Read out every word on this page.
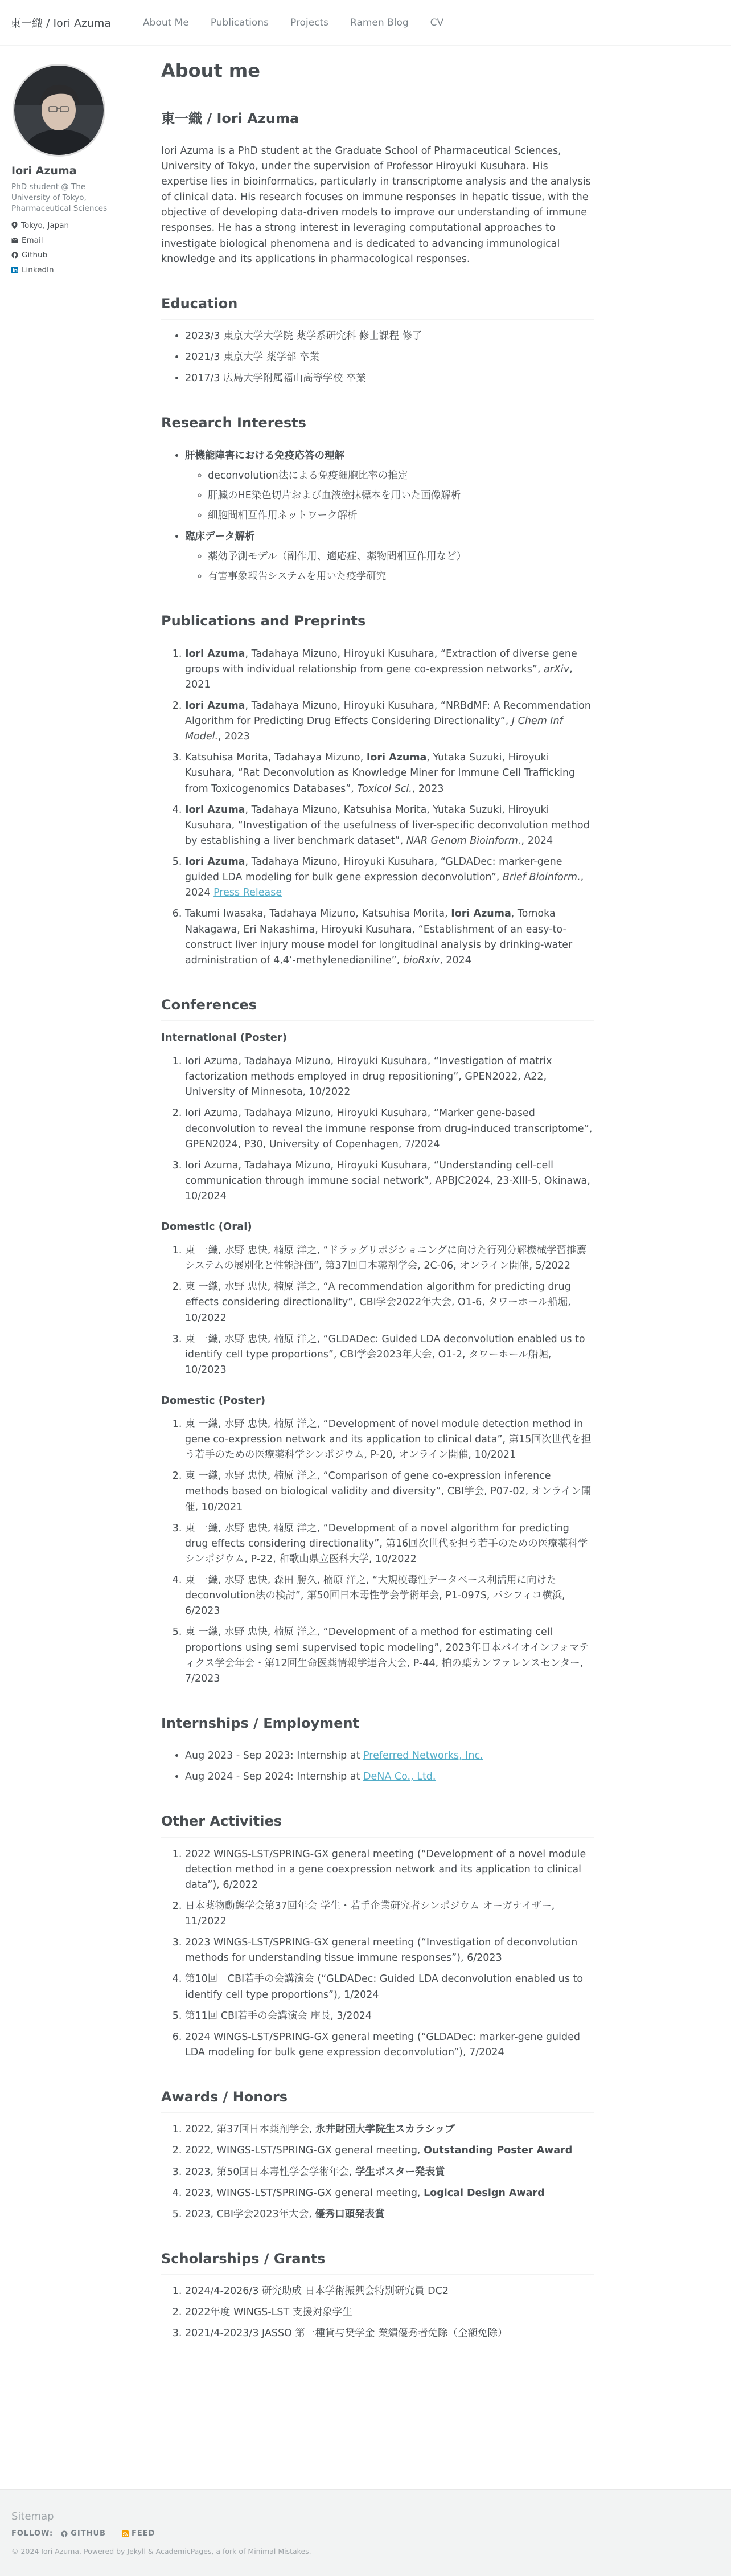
東一織 / Iori Azuma	About Me Publications Projects Ramen Blog CV
Iori Azuma
PhD student @ The University of Tokyo, Pharmaceutical Sciences
Tokyo, Japan
Email
Github
LinkedIn
About me
東一織 / Iori Azuma

Iori Azuma is a PhD student at the Graduate School of Pharmaceutical Sciences, University of Tokyo, under the supervision of Professor Hiroyuki Kusuhara. His expertise lies in bioinformatics, particularly in transcriptome analysis and the analysis of clinical data. His research focuses on immune responses in hepatic tissue, with the objective of developing data-driven models to improve our understanding of immune responses. He has a strong interest in leveraging computational approaches to investigate biological phenomena and is dedicated to advancing immunological knowledge and its applications in pharmacological responses.

Education
• 2023/3 東京大学大学院 薬学系研究科 修士課程 修了
• 2021/3 東京大学 薬学部 卒業
• 2017/3 広島大学附属福山高等学校 卒業
Research Interests
• 肝機能障害における免疫応答の理解
◦ deconvolution法による免疫細胞比率の推定
◦ 肝臓のHE染色切片および血液塗抹標本を用いた画像解析
◦ 細胞間相互作用ネットワーク解析
• 臨床データ解析
◦ 薬効予測モデル（副作用、適応症、薬物間相互作用など）
◦ 有害事象報告システムを用いた疫学研究
Publications and Preprints
1. Iori Azuma, Tadahaya Mizuno, Hiroyuki Kusuhara, “Extraction of diverse gene groups with individual relationship from gene co-expression networks”, arXiv, 2021
2. Iori Azuma, Tadahaya Mizuno, Hiroyuki Kusuhara, “NRBdMF: A Recommendation Algorithm for Predicting Drug Effects Considering Directionality”, J Chem Inf Model., 2023
3. Katsuhisa Morita, Tadahaya Mizuno, Iori Azuma, Yutaka Suzuki, Hiroyuki Kusuhara, “Rat Deconvolution as Knowledge Miner for Immune Cell Trafficking from Toxicogenomics Databases”, Toxicol Sci., 2023
4. Iori Azuma, Tadahaya Mizuno, Katsuhisa Morita, Yutaka Suzuki, Hiroyuki Kusuhara, “Investigation of the usefulness of liver-specific deconvolution method by establishing a liver benchmark dataset”, NAR Genom Bioinform., 2024
5. Iori Azuma, Tadahaya Mizuno, Hiroyuki Kusuhara, “GLDADec: marker-gene guided LDA modeling for bulk gene expression deconvolution”, Brief Bioinform., 2024 Press Release
6. Takumi Iwasaka, Tadahaya Mizuno, Katsuhisa Morita, Iori Azuma, Tomoka Nakagawa, Eri Nakashima, Hiroyuki Kusuhara, “Establishment of an easy-to-construct liver injury mouse model for longitudinal analysis by drinking-water administration of 4,4’-methylenedianiline”, bioRxiv, 2024
Conferences
International (Poster)
1. Iori Azuma, Tadahaya Mizuno, Hiroyuki Kusuhara, “Investigation of matrix factorization methods employed in drug repositioning”, GPEN2022, A22, University of Minnesota, 10/2022
2. Iori Azuma, Tadahaya Mizuno, Hiroyuki Kusuhara, “Marker gene-based deconvolution to reveal the immune response from drug-induced transcriptome”, GPEN2024, P30, University of Copenhagen, 7/2024
3. Iori Azuma, Tadahaya Mizuno, Hiroyuki Kusuhara, “Understanding cell-cell communication through immune social network”, APBJC2024, 23-XIII-5, Okinawa, 10/2024
Domestic (Oral)
1. 東 一織, 水野 忠快, 楠原 洋之, “ドラッグリポジショニングに向けた行列分解機械学習推薦システムの展別化と性能評価”, 第37回日本薬剤学会, 2C-06, オンライン開催, 5/2022
2. 東 一織, 水野 忠快, 楠原 洋之, “A recommendation algorithm for predicting drug effects considering directionality”, CBI学会2022年大会, O1-6, タワーホール船堀, 10/2022
3. 東 一織, 水野 忠快, 楠原 洋之, “GLDADec: Guided LDA deconvolution enabled us to identify cell type proportions”, CBI学会2023年大会, O1-2, タワーホール船堀, 10/2023
Domestic (Poster)
1. 東 一織, 水野 忠快, 楠原 洋之, “Development of novel module detection method in gene co-expression network and its application to clinical data”, 第15回次世代を担う若手のための医療薬科学シンポジウム, P-20, オンライン開催, 10/2021
2. 東 一織, 水野 忠快, 楠原 洋之, “Comparison of gene co-expression inference methods based on biological validity and diversity”, CBI学会, P07-02, オンライン開催, 10/2021
3. 東 一織, 水野 忠快, 楠原 洋之, “Development of a novel algorithm for predicting drug effects considering directionality”, 第16回次世代を担う若手のための医療薬科学シンポジウム, P-22, 和歌山県立医科大学, 10/2022
4. 東 一織, 水野 忠快, 森田 勝久, 楠原 洋之, “大規模毒性データベース利活用に向けた deconvolution法の検討”, 第50回日本毒性学会学術年会, P1-097S, パシフィコ横浜, 6/2023
5. 東 一織, 水野 忠快, 楠原 洋之, “Development of a method for estimating cell proportions using semi supervised topic modeling”, 2023年日本バイオインフォマティクス学会年会・第12回生命医薬情報学連合大会, P-44, 柏の葉カンファレンスセンター, 7/2023
Internships / Employment
• Aug 2023 - Sep 2023: Internship at Preferred Networks, Inc.
• Aug 2024 - Sep 2024: Internship at DeNA Co., Ltd.
Other Activities
1. 2022 WINGS-LST/SPRING-GX general meeting (“Development of a novel module detection method in a gene coexpression network and its application to clinical data”), 6/2022
2. 日本薬物動態学会第37回年会 学生・若手企業研究者シンポジウム オーガナイザー, 11/2022
3. 2023 WINGS-LST/SPRING-GX general meeting (“Investigation of deconvolution methods for understanding tissue immune responses”), 6/2023
4. 第10回　CBI若手の会講演会 (“GLDADec: Guided LDA deconvolution enabled us to identify cell type proportions”), 1/2024
5. 第11回 CBI若手の会講演会 座長, 3/2024
6. 2024 WINGS-LST/SPRING-GX general meeting (“GLDADec: marker-gene guided LDA modeling for bulk gene expression deconvolution”), 7/2024
Awards / Honors
1. 2022, 第37回日本薬剤学会, 永井財団大学院生スカラシップ
2. 2022, WINGS-LST/SPRING-GX general meeting, Outstanding Poster Award
3. 2023, 第50回日本毒性学会学術年会, 学生ポスター発表賞
4. 2023, WINGS-LST/SPRING-GX general meeting, Logical Design Award
5. 2023, CBI学会2023年大会, 優秀口頭発表賞
Scholarships / Grants
1. 2024/4-2026/3 研究助成 日本学術振興会特別研究員 DC2
2. 2022年度 WINGS-LST 支援対象学生
3. 2021/4-2023/3 JASSO 第一種貸与奨学金 業績優秀者免除（全額免除）
Sitemap
FOLLOW: GITHUB	FEED
© 2024 Iori Azuma. Powered by Jekyll & AcademicPages, a fork of Minimal Mistakes.
